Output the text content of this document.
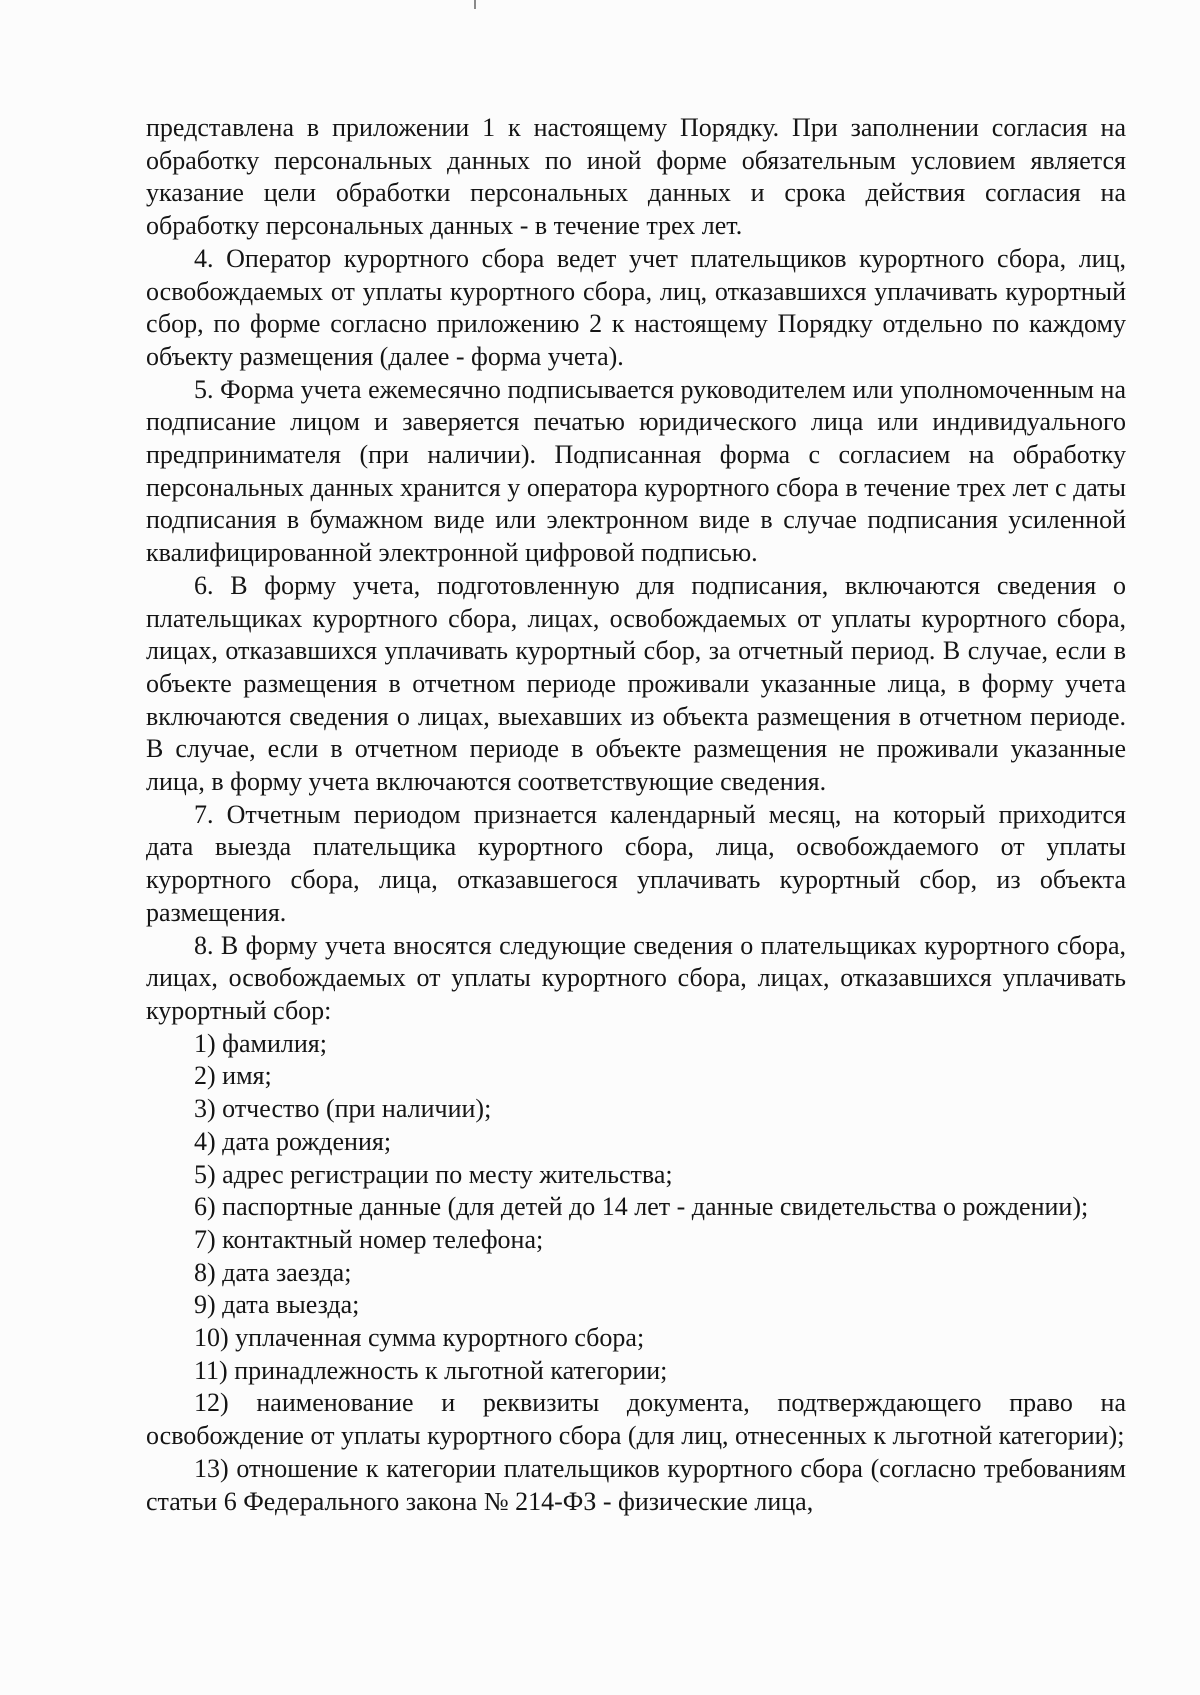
представлена в приложении 1 к настоящему Порядку. При заполнении согласия на обработку персональных данных по иной форме обязательным условием является указание цели обработки персональных данных и срока действия согласия на обработку персональных данных - в течение трех лет.

4. Оператор курортного сбора ведет учет плательщиков курортного сбора, лиц, освобождаемых от уплаты курортного сбора, лиц, отказавшихся уплачивать курортный сбор, по форме согласно приложению 2 к настоящему Порядку отдельно по каждому объекту размещения (далее - форма учета).

5. Форма учета ежемесячно подписывается руководителем или уполномоченным на подписание лицом и заверяется печатью юридического лица или индивидуального предпринимателя (при наличии). Подписанная форма с согласием на обработку персональных данных хранится у оператора курортного сбора в течение трех лет с даты подписания в бумажном виде или электронном виде в случае подписания усиленной квалифицированной электронной цифровой подписью.

6. В форму учета, подготовленную для подписания, включаются сведения о плательщиках курортного сбора, лицах, освобождаемых от уплаты курортного сбора, лицах, отказавшихся уплачивать курортный сбор, за отчетный период. В случае, если в объекте размещения в отчетном периоде проживали указанные лица, в форму учета включаются сведения о лицах, выехавших из объекта размещения в отчетном периоде. В случае, если в отчетном периоде в объекте размещения не проживали указанные лица, в форму учета включаются соответствующие сведения.

7. Отчетным периодом признается календарный месяц, на который приходится дата выезда плательщика курортного сбора, лица, освобождаемого от уплаты курортного сбора, лица, отказавшегося уплачивать курортный сбор, из объекта размещения.

8. В форму учета вносятся следующие сведения о плательщиках курортного сбора, лицах, освобождаемых от уплаты курортного сбора, лицах, отказавшихся уплачивать курортный сбор:

1) фамилия;

2) имя;

3) отчество (при наличии);

4) дата рождения;

5) адрес регистрации по месту жительства;

6) паспортные данные (для детей до 14 лет - данные свидетельства о рождении);

7) контактный номер телефона;

8) дата заезда;

9) дата выезда;

10) уплаченная сумма курортного сбора;

11) принадлежность к льготной категории;

12) наименование и реквизиты документа, подтверждающего право на освобождение от уплаты курортного сбора (для лиц, отнесенных к льготной категории);

13) отношение к категории плательщиков курортного сбора (согласно требованиям статьи 6 Федерального закона № 214-ФЗ - физические лица,
